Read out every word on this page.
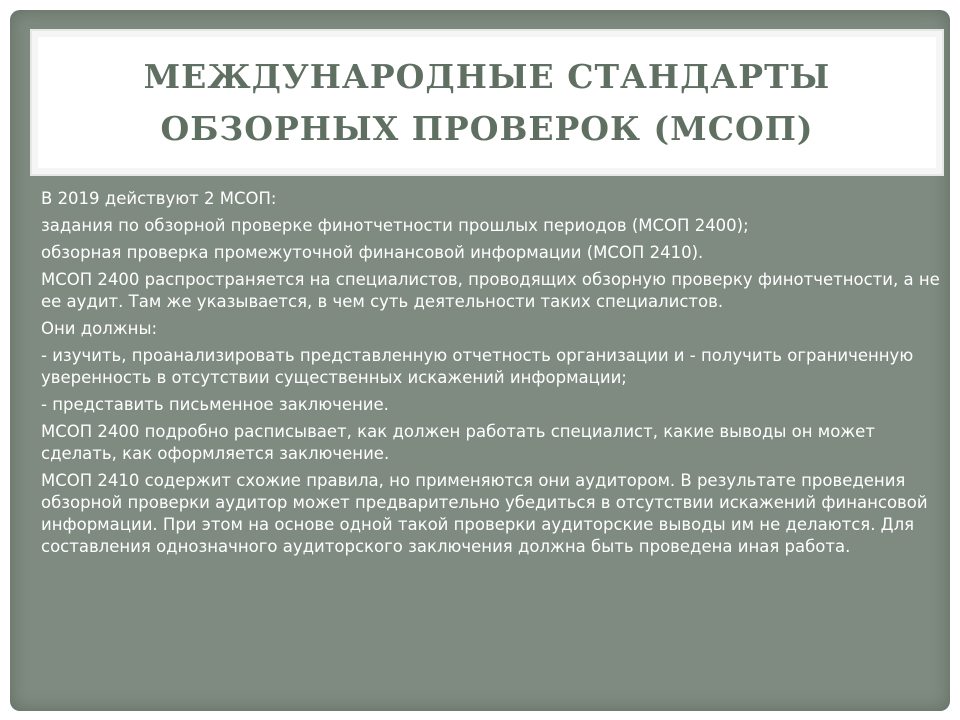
МЕЖДУНАРОДНЫЕ СТАНДАРТЫ
ОБЗОРНЫХ ПРОВЕРОК (МСОП)

В 2019 действуют 2 МСОП:

задания по обзорной проверке финотчетности прошлых периодов (МСОП 2400);

обзорная проверка промежуточной финансовой информации (МСОП 2410).

МСОП 2400 распространяется на специалистов, проводящих обзорную проверку финотчетности, а не ее аудит. Там же указывается, в чем суть деятельности таких специалистов.

Они должны:

- изучить, проанализировать представленную отчетность организации и - получить ограниченную уверенность в отсутствии существенных искажений информации;

- представить письменное заключение.

МСОП 2400 подробно расписывает, как должен работать специалист, какие выводы он может сделать, как оформляется заключение.

МСОП 2410 содержит схожие правила, но применяются они аудитором. В результате проведения обзорной проверки аудитор может предварительно убедиться в отсутствии искажений финансовой информации. При этом на основе одной такой проверки аудиторские выводы им не делаются. Для составления однозначного аудиторского заключения должна быть проведена иная работа.
